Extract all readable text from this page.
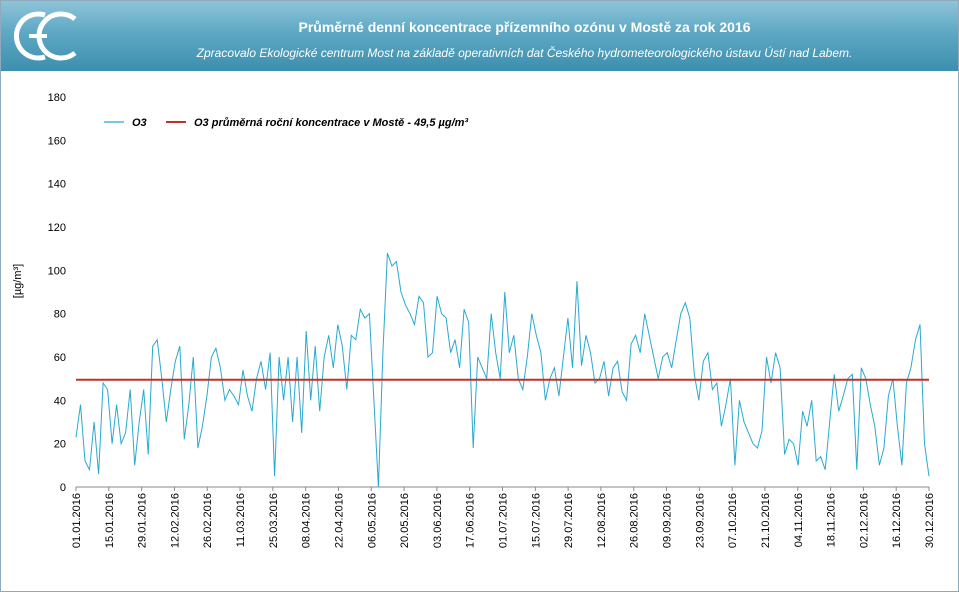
Průměrné denní koncentrace přízemního ozónu v Mostě za rok 2016
Zpracovalo Ekologické centrum Most na základě operativních dat Českého hydrometeorologického ústavu Ústí nad Labem.
0
20
40
60
80
100
120
140
160
180
01.01.2016 15.01.2016 29.01.2016 12.02.2016 26.02.2016 11.03.2016 25.03.2016 08.04.2016 22.04.2016 06.05.2016 20.05.2016 03.06.2016 17.06.2016 01.07.2016 15.07.2016 29.07.2016 12.08.2016 26.08.2016 09.09.2016 23.09.2016 07.10.2016 21.10.2016 04.11.2016 18.11.2016 02.12.2016 16.12.2016 30.12.2016
[µg/m³]
O3	O3 průměrná roční koncentrace v Mostě - 49,5 µg/m³
